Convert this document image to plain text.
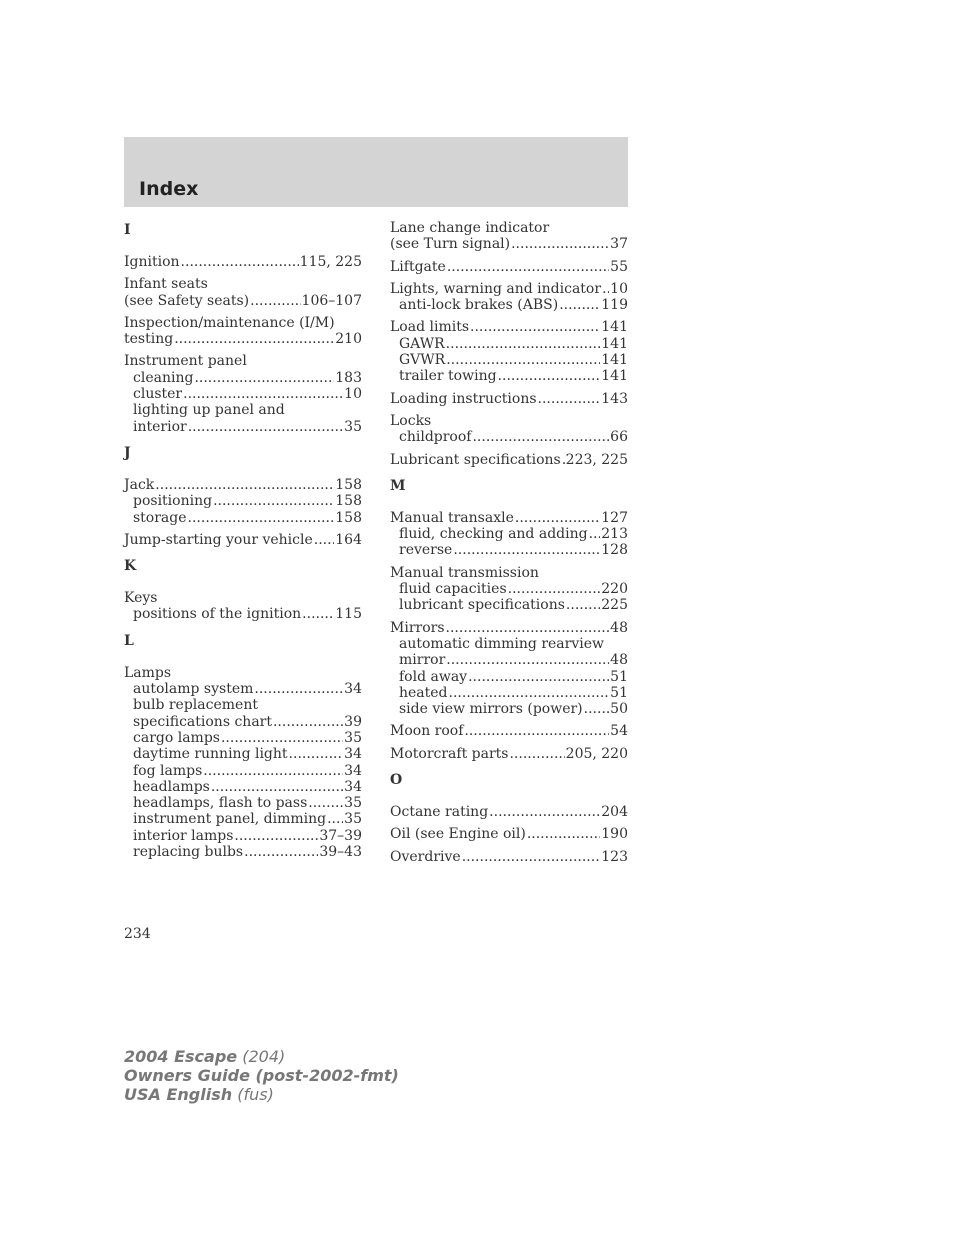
Index
I
Ignition .....	115, 225
Infant seats
(see Safety seats) .....	106–107
Inspection/maintenance (I/M)
testing .....	210
Instrument panel
cleaning .....	183
cluster .....	10
lighting up panel and
interior .....	35
J
Jack .....	158
positioning .....	158
storage .....	158
Jump-starting your vehicle ..... 164
K
Keys
positions of the ignition ..... 115
L
Lamps
autolamp system .....	34
bulb replacement
specifications chart .....	39
cargo lamps .....	35
daytime running light .....	34
fog lamps .....	34
headlamps .....	34
headlamps, flash to pass .....	35
instrument panel, dimming ..... 35
interior lamps .....	37–39
replacing bulbs .....	39–43
Lane change indicator
(see Turn signal) .....	37
Liftgate .....	55
Lights, warning and indicator ..... 10
anti-lock brakes (ABS) .....	119
Load limits .....	141
GAWR .....	141
GVWR .....	141
trailer towing .....	141
Loading instructions .....	143
Locks
childproof .....	66
Lubricant specifications ..... 223, 225
M
Manual transaxle .....	127
fluid, checking and adding ..... 213
reverse .....	128
Manual transmission
fluid capacities .....	220
lubricant specifications .....	225
Mirrors .....	48
automatic dimming rearview
mirror .....	48
fold away .....	51
heated .....	51
side view mirrors (power) ..... 50
Moon roof .....	54
Motorcraft parts .....	205, 220
O
Octane rating .....	204
Oil (see Engine oil) .....	190
Overdrive .....	123
234
2004 Escape (204)
Owners Guide (post-2002-fmt)
USA English (fus)
